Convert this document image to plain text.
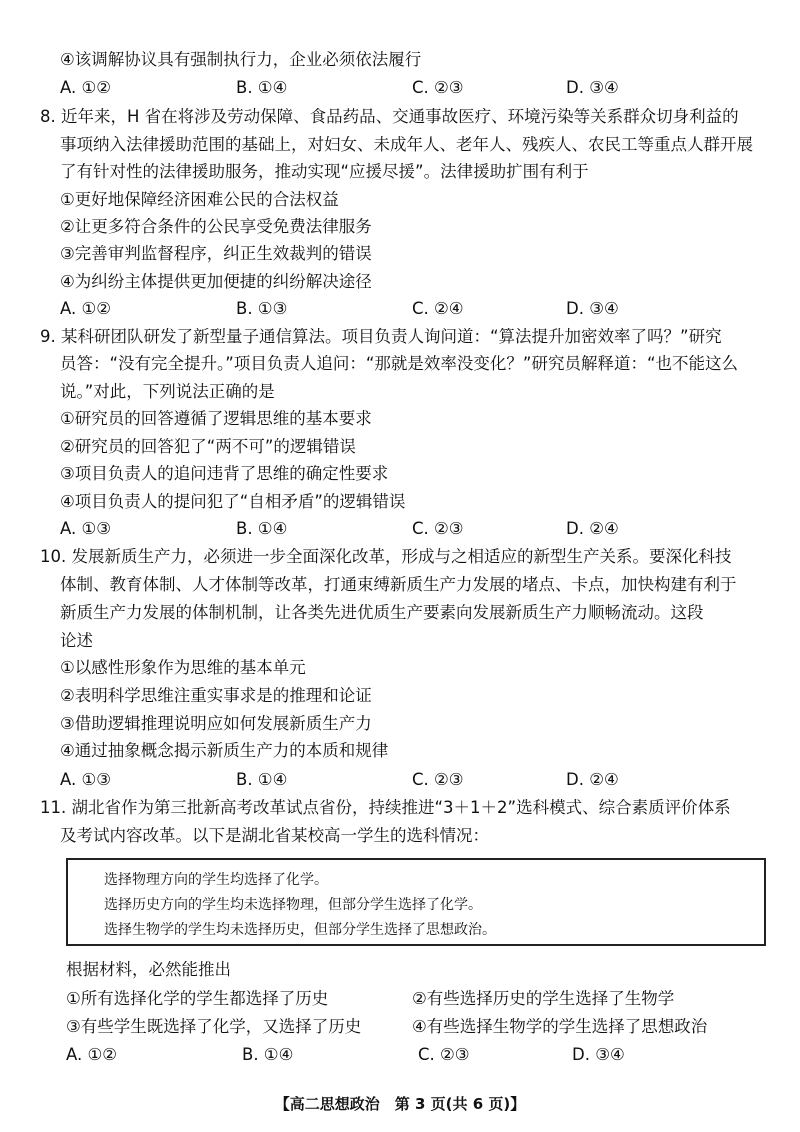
④该调解协议具有强制执行力，企业必须依法履行
A. ①②	B. ①④	C. ②③	D. ③④
8. 近年来，H 省在将涉及劳动保障、食品药品、交通事故医疗、环境污染等关系群众切身利益的
事项纳入法律援助范围的基础上，对妇女、未成年人、老年人、残疾人、农民工等重点人群开展
了有针对性的法律援助服务，推动实现“应援尽援”。法律援助扩围有利于
①更好地保障经济困难公民的合法权益
②让更多符合条件的公民享受免费法律服务
③完善审判监督程序，纠正生效裁判的错误
④为纠纷主体提供更加便捷的纠纷解决途径
A. ①②	B. ①③	C. ②④	D. ③④
9. 某科研团队研发了新型量子通信算法。项目负责人询问道：“算法提升加密效率了吗？”研究
员答：“没有完全提升。”项目负责人追问：“那就是效率没变化？”研究员解释道：“也不能这么
说。”对此，下列说法正确的是
①研究员的回答遵循了逻辑思维的基本要求
②研究员的回答犯了“两不可”的逻辑错误
③项目负责人的追问违背了思维的确定性要求
④项目负责人的提问犯了“自相矛盾”的逻辑错误
A. ①③	B. ①④	C. ②③	D. ②④
10. 发展新质生产力，必须进一步全面深化改革，形成与之相适应的新型生产关系。要深化科技
体制、教育体制、人才体制等改革，打通束缚新质生产力发展的堵点、卡点，加快构建有利于
新质生产力发展的体制机制，让各类先进优质生产要素向发展新质生产力顺畅流动。这段
论述
①以感性形象作为思维的基本单元
②表明科学思维注重实事求是的推理和论证
③借助逻辑推理说明应如何发展新质生产力
④通过抽象概念揭示新质生产力的本质和规律
A. ①③	B. ①④	C. ②③	D. ②④
11. 湖北省作为第三批新高考改革试点省份，持续推进“3＋1＋2”选科模式、综合素质评价体系
及考试内容改革。以下是湖北省某校高一学生的选科情况：
选择物理方向的学生均选择了化学。
选择历史方向的学生均未选择物理，但部分学生选择了化学。
选择生物学的学生均未选择历史，但部分学生选择了思想政治。
根据材料，必然能推出
①所有选择化学的学生都选择了历史	②有些选择历史的学生选择了生物学
③有些学生既选择了化学，又选择了历史	④有些选择生物学的学生选择了思想政治
A. ①②	B. ①④	C. ②③	D. ③④
【高二思想政治　第 3 页(共 6 页)】
